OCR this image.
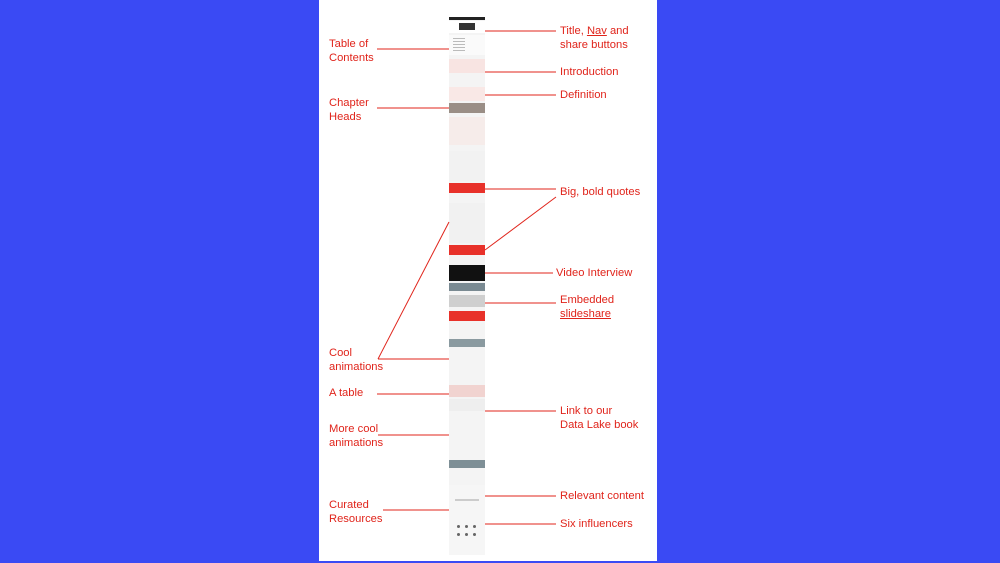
Title, Nav and
share buttons
Introduction
Definition
Big, bold quotes
Video Interview
Embedded
slideshare
Link to our
Data Lake book
Relevant content
Six influencers
Table of
Contents
Chapter
Heads
Cool
animations
A table
More cool
animations
Curated
Resources
